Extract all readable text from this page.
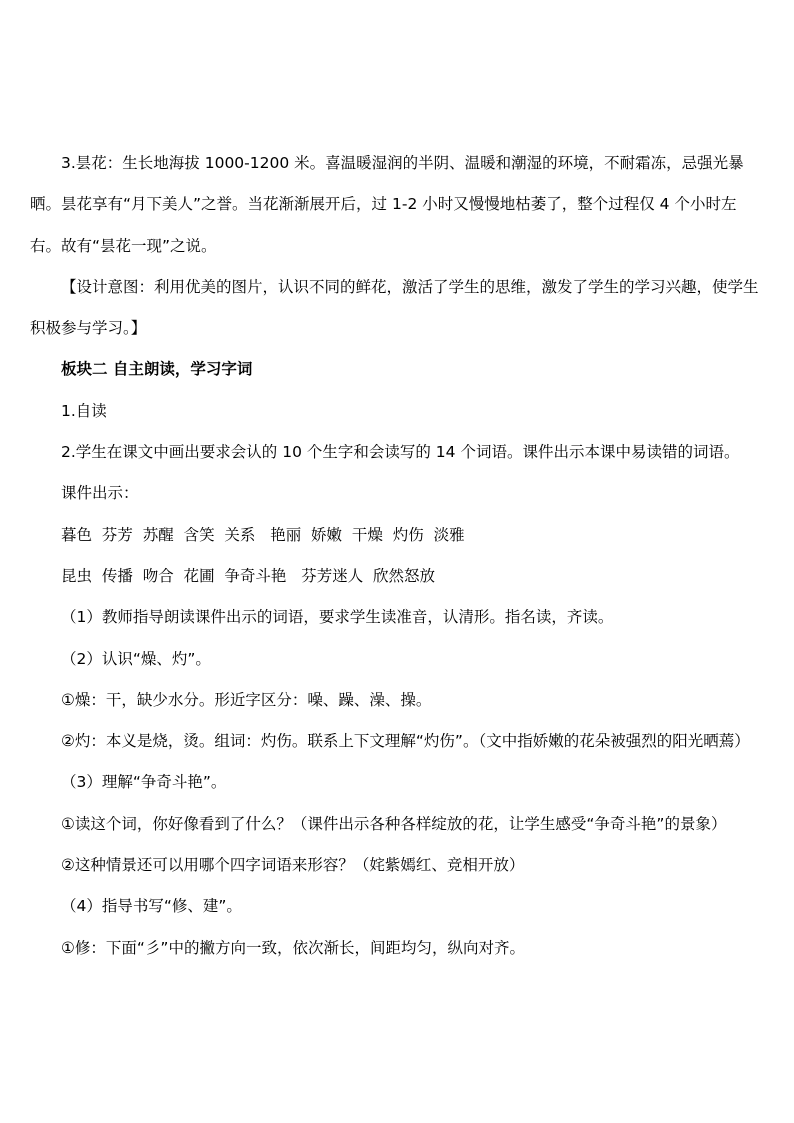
3.昙花：生长地海拔 1000-1200 米。喜温暖湿润的半阴、温暖和潮湿的环境，不耐霜冻，忌强光暴晒。昙花享有“月下美人”之誉。当花渐渐展开后，过 1-2 小时又慢慢地枯萎了，整个过程仅 4 个小时左右。故有“昙花一现”之说。

【设计意图：利用优美的图片，认识不同的鲜花，激活了学生的思维，激发了学生的学习兴趣，使学生积极参与学习。】

板块二 自主朗读，学习字词

1.自读

2.学生在课文中画出要求会认的 10 个生字和会读写的 14 个词语。课件出示本课中易读错的词语。

课件出示：

暮色  芬芳  苏醒  含笑  关系   艳丽  娇嫩  干燥  灼伤  淡雅

昆虫  传播  吻合  花圃  争奇斗艳   芬芳迷人  欣然怒放

（1）教师指导朗读课件出示的词语，要求学生读准音，认清形。指名读，齐读。

（2）认识“燥、灼”。

①燥：干，缺少水分。形近字区分：噪、躁、澡、操。

②灼：本义是烧，烫。组词：灼伤。联系上下文理解“灼伤”。（文中指娇嫩的花朵被强烈的阳光晒蔫）

（3）理解“争奇斗艳”。

①读这个词，你好像看到了什么？（课件出示各种各样绽放的花，让学生感受“争奇斗艳”的景象）

②这种情景还可以用哪个四字词语来形容？（姹紫嫣红、竞相开放）

（4）指导书写“修、建”。

①修：下面“彡”中的撇方向一致，依次渐长，间距均匀，纵向对齐。
